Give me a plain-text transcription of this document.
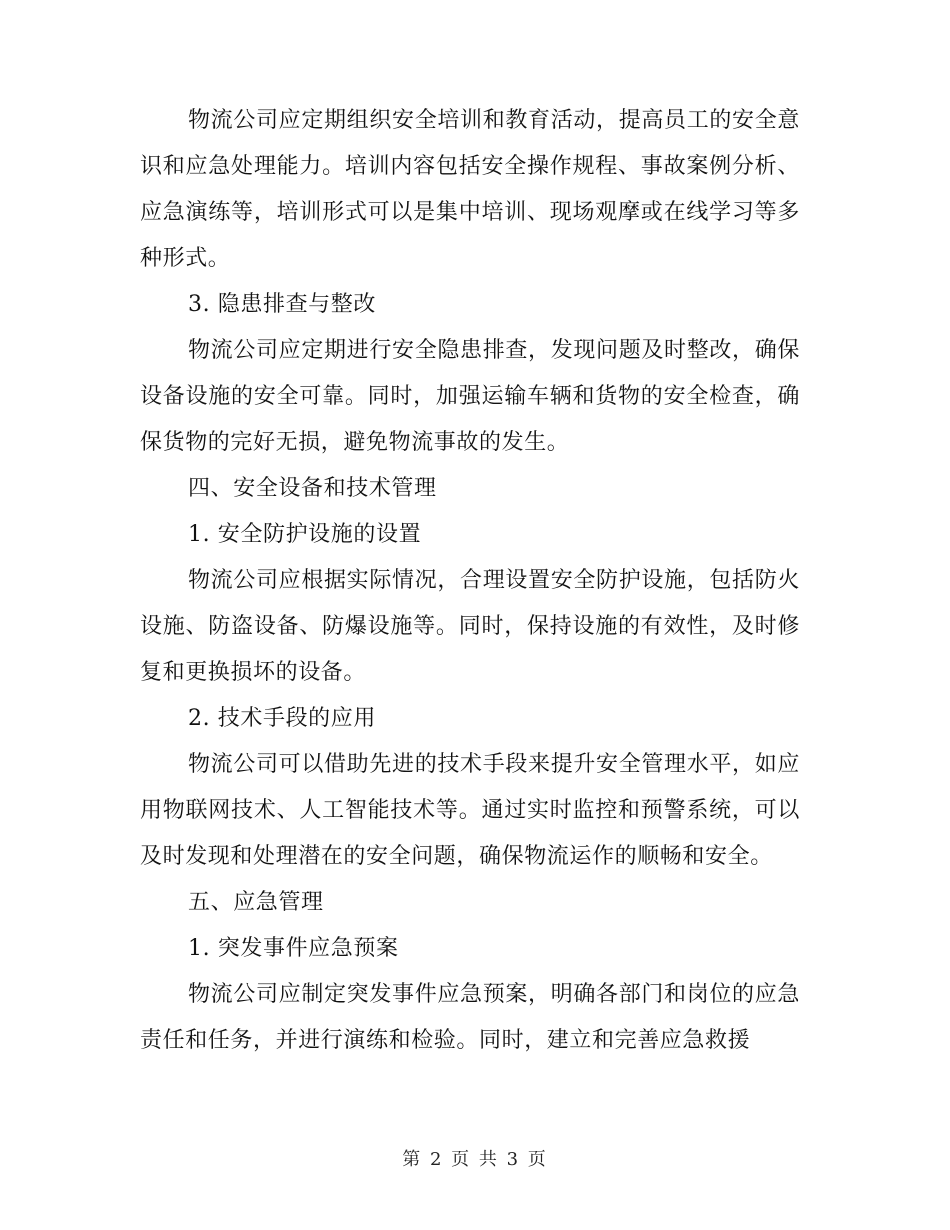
物流公司应定期组织安全培训和教育活动，提高员工的安全意识和应急处理能力。培训内容包括安全操作规程、事故案例分析、应急演练等，培训形式可以是集中培训、现场观摩或在线学习等多种形式。

3. 隐患排查与整改

物流公司应定期进行安全隐患排查，发现问题及时整改，确保设备设施的安全可靠。同时，加强运输车辆和货物的安全检查，确保货物的完好无损，避免物流事故的发生。

四、安全设备和技术管理

1. 安全防护设施的设置

物流公司应根据实际情况，合理设置安全防护设施，包括防火设施、防盗设备、防爆设施等。同时，保持设施的有效性，及时修复和更换损坏的设备。

2. 技术手段的应用

物流公司可以借助先进的技术手段来提升安全管理水平，如应用物联网技术、人工智能技术等。通过实时监控和预警系统，可以及时发现和处理潜在的安全问题，确保物流运作的顺畅和安全。

五、应急管理

1. 突发事件应急预案

物流公司应制定突发事件应急预案，明确各部门和岗位的应急责任和任务，并进行演练和检验。同时，建立和完善应急救援

第 2 页 共 3 页
